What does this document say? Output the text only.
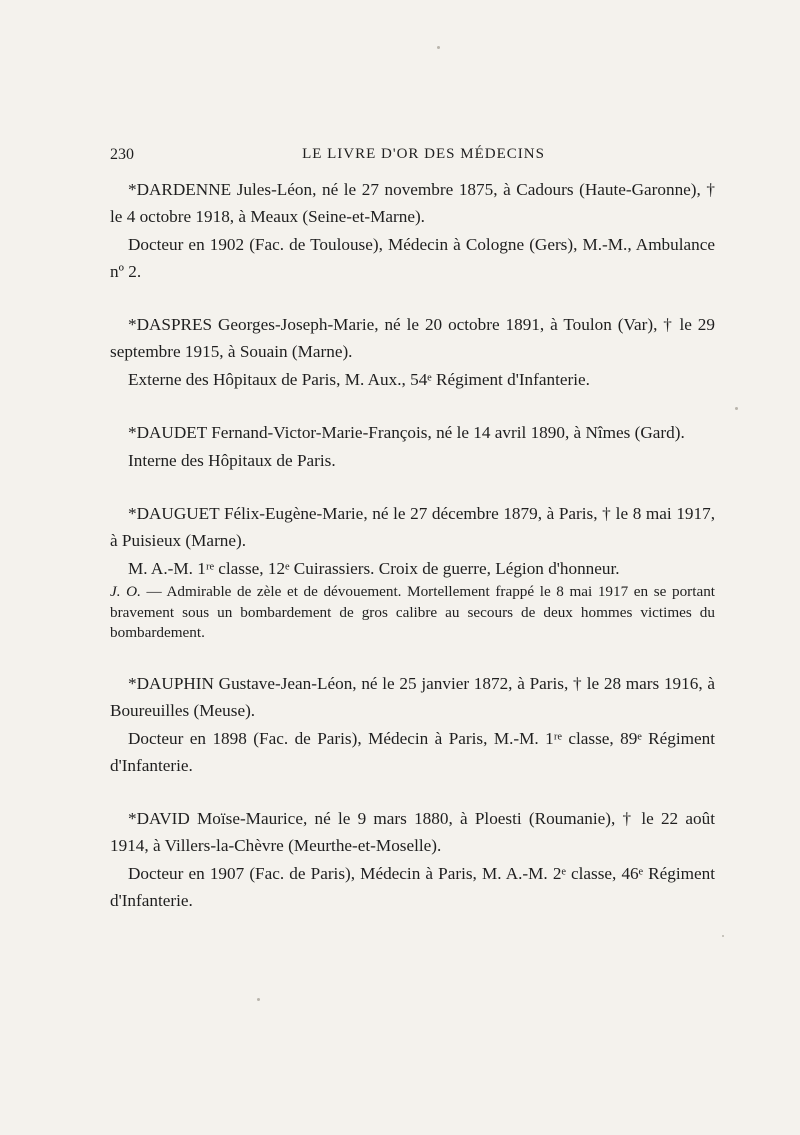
230	LE LIVRE D'OR DES MÉDECINS

*DARDENNE Jules-Léon, né le 27 novembre 1875, à Cadours (Haute-Garonne), † le 4 octobre 1918, à Meaux (Seine-et-Marne).

Docteur en 1902 (Fac. de Toulouse), Médecin à Cologne (Gers), M.-M., Ambulance nº 2.

*DASPRES Georges-Joseph-Marie, né le 20 octobre 1891, à Toulon (Var), † le 29 septembre 1915, à Souain (Marne).

Externe des Hôpitaux de Paris, M. Aux., 54ᵉ Régiment d'Infanterie.

*DAUDET Fernand-Victor-Marie-François, né le 14 avril 1890, à Nîmes (Gard).

Interne des Hôpitaux de Paris.

*DAUGUET Félix-Eugène-Marie, né le 27 décembre 1879, à Paris, † le 8 mai 1917, à Puisieux (Marne).

M. A.-M. 1ʳᵉ classe, 12ᵉ Cuirassiers. Croix de guerre, Légion d'honneur.

J. O. — Admirable de zèle et de dévouement. Mortellement frappé le 8 mai 1917 en se portant bravement sous un bombardement de gros calibre au secours de deux hommes victimes du bombardement.

*DAUPHIN Gustave-Jean-Léon, né le 25 janvier 1872, à Paris, † le 28 mars 1916, à Boureuilles (Meuse).

Docteur en 1898 (Fac. de Paris), Médecin à Paris, M.-M. 1ʳᵉ classe, 89ᵉ Régiment d'Infanterie.

*DAVID Moïse-Maurice, né le 9 mars 1880, à Ploesti (Roumanie), † le 22 août 1914, à Villers-la-Chèvre (Meurthe-et-Moselle).

Docteur en 1907 (Fac. de Paris), Médecin à Paris, M. A.-M. 2ᵉ classe, 46ᵉ Régiment d'Infanterie.
